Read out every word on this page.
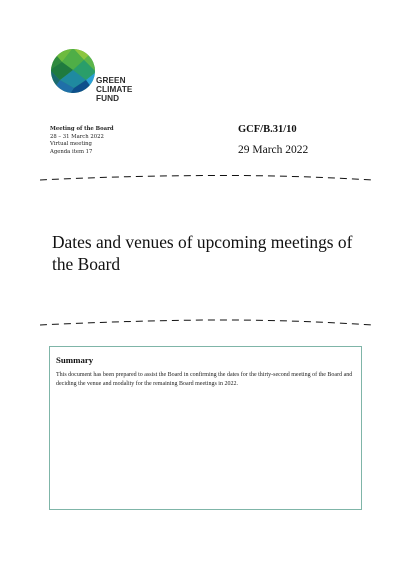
GREEN
CLIMATE
FUND
Meeting of the Board
28 – 31 March 2022
Virtual meeting
Agenda item 17
GCF/B.31/10
29 March 2022
Dates and venues of upcoming meetings of the Board
Summary
This document has been prepared to assist the Board in confirming the dates for the thirty-second meeting of the Board and deciding the venue and modality for the remaining Board meetings in 2022.
